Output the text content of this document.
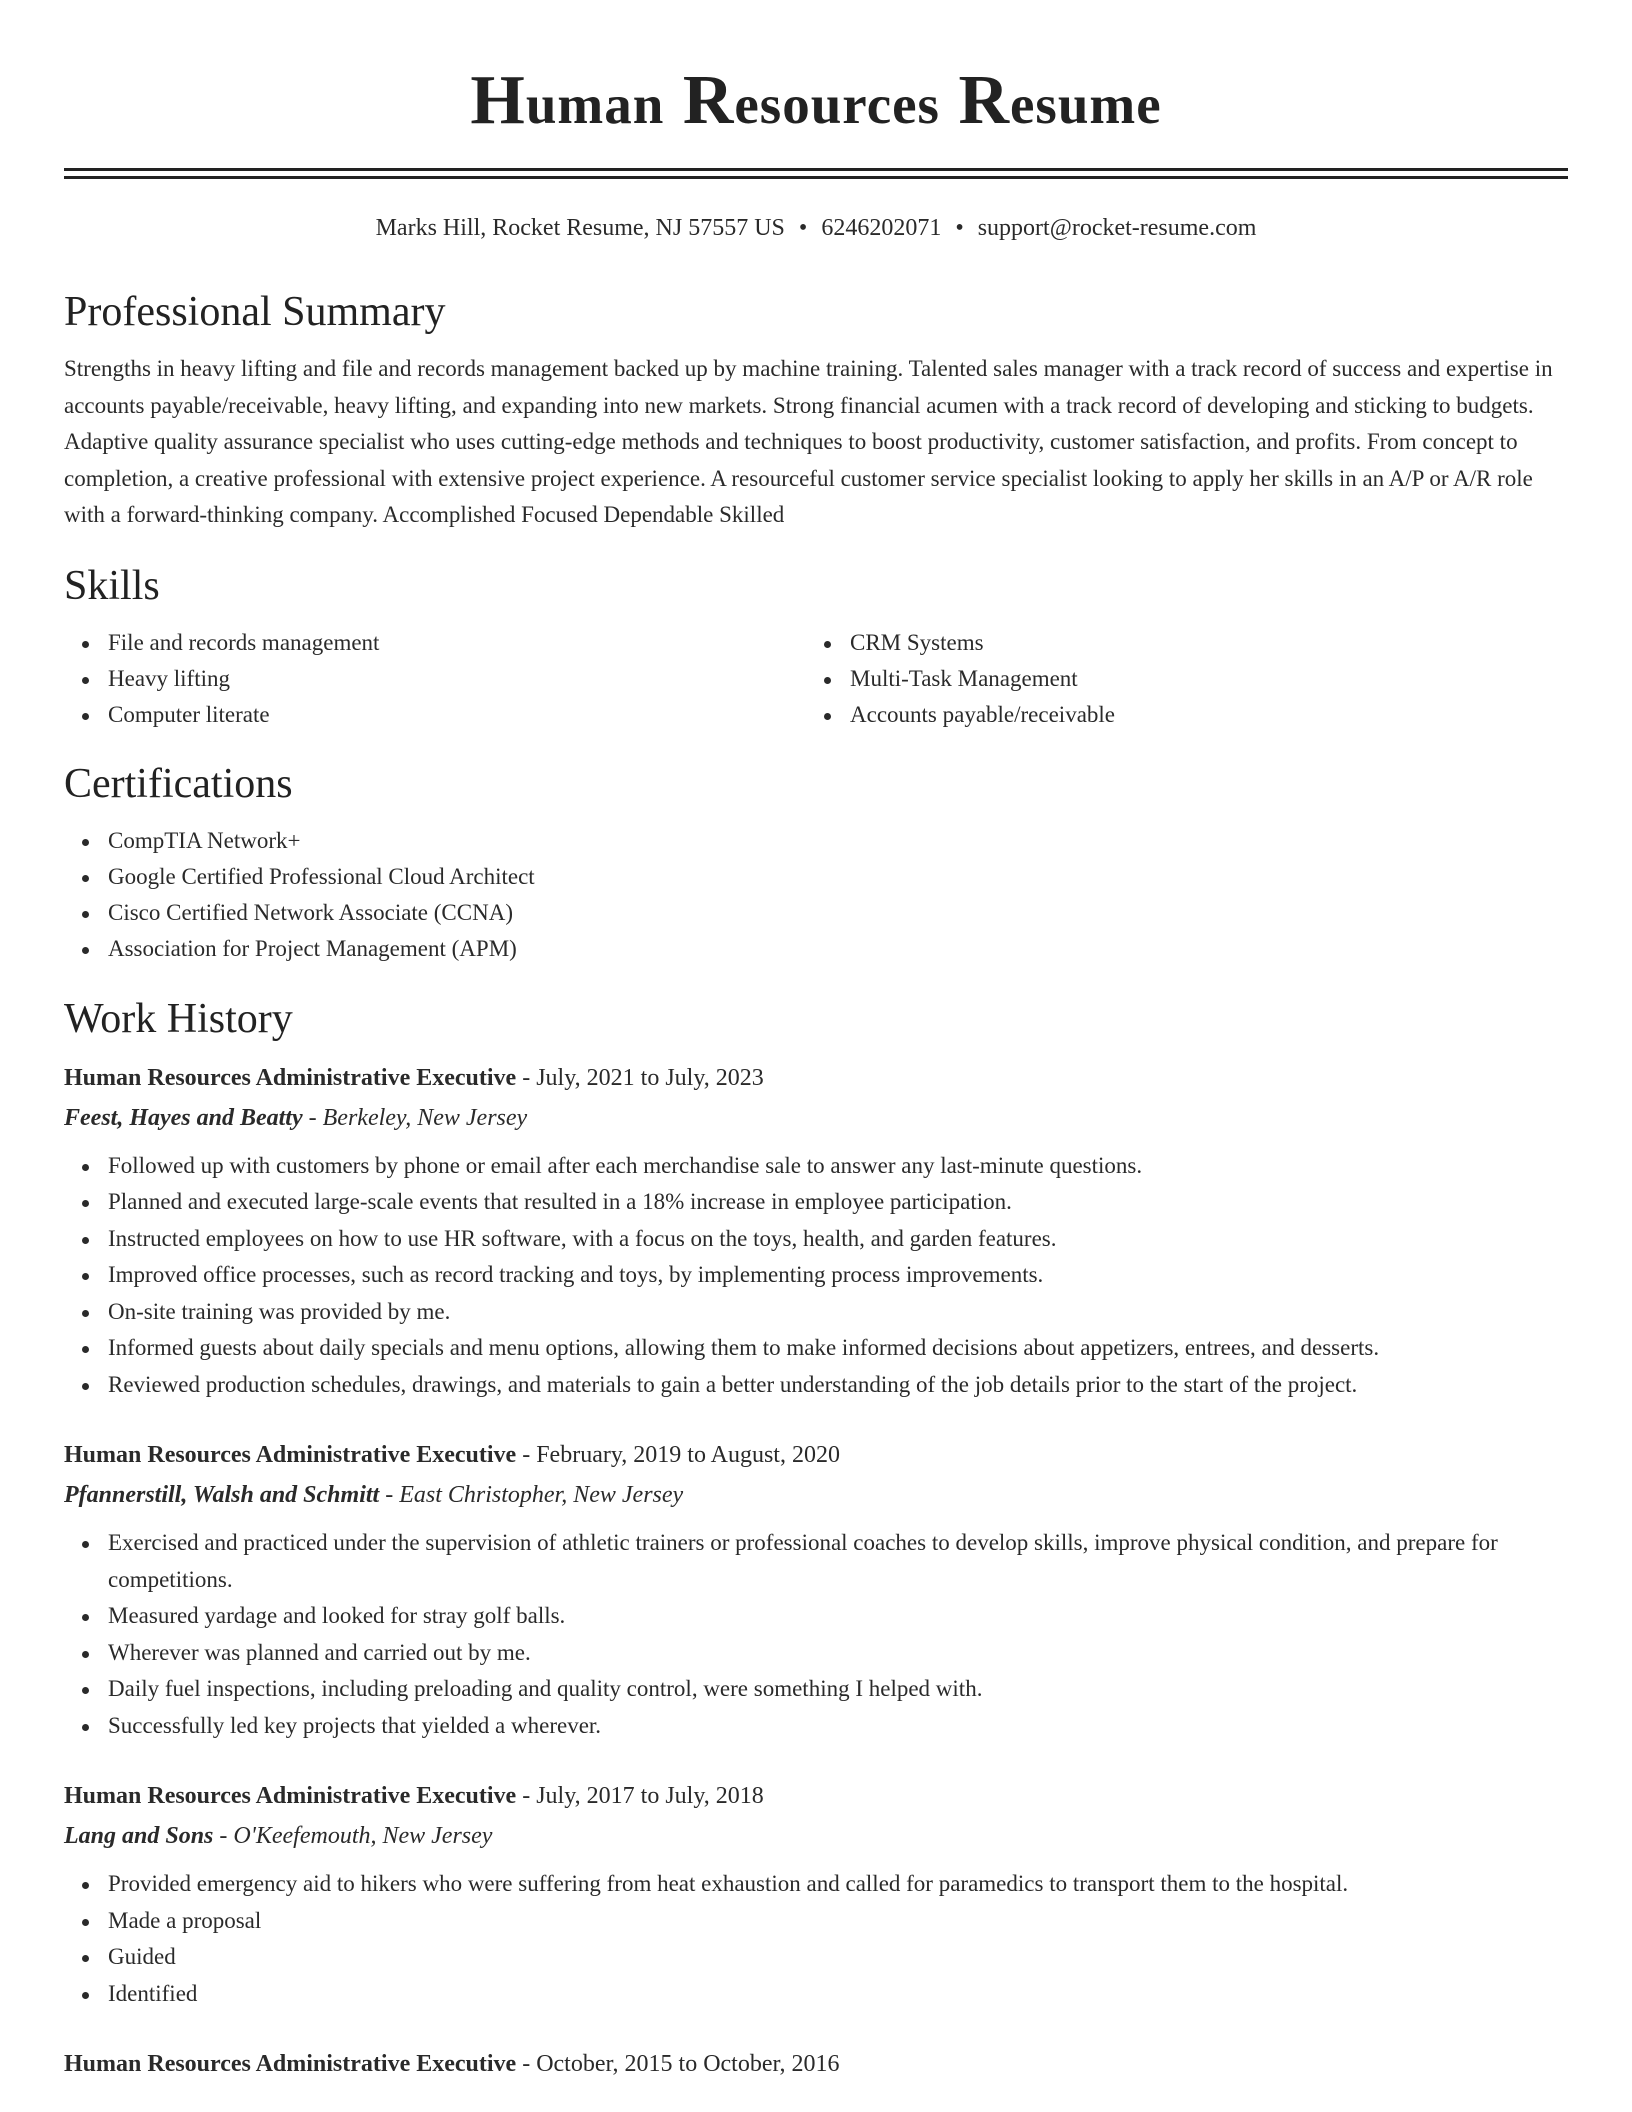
Human Resources Resume
Marks Hill, Rocket Resume, NJ 57557 US • 6246202071 • support@rocket-resume.com
Professional Summary

Strengths in heavy lifting and file and records management backed up by machine training. Talented sales manager with a track record of success and expertise in accounts payable/receivable, heavy lifting, and expanding into new markets. Strong financial acumen with a track record of developing and sticking to budgets. Adaptive quality assurance specialist who uses cutting-edge methods and techniques to boost productivity, customer satisfaction, and profits. From concept to completion, a creative professional with extensive project experience. A resourceful customer service specialist looking to apply her skills in an A/P or A/R role with a forward-thinking company. Accomplished Focused Dependable Skilled

Skills
File and records management
Heavy lifting
Computer literate
CRM Systems
Multi-Task Management
Accounts payable/receivable
Certifications
CompTIA Network+
Google Certified Professional Cloud Architect
Cisco Certified Network Associate (CCNA)
Association for Project Management (APM)
Work History
Human Resources Administrative Executive - July, 2021 to July, 2023
Feest, Hayes and Beatty - Berkeley, New Jersey
Followed up with customers by phone or email after each merchandise sale to answer any last-minute questions.
Planned and executed large-scale events that resulted in a 18% increase in employee participation.
Instructed employees on how to use HR software, with a focus on the toys, health, and garden features.
Improved office processes, such as record tracking and toys, by implementing process improvements.
On-site training was provided by me.
Informed guests about daily specials and menu options, allowing them to make informed decisions about appetizers, entrees, and desserts.
Reviewed production schedules, drawings, and materials to gain a better understanding of the job details prior to the start of the project.
Human Resources Administrative Executive - February, 2019 to August, 2020
Pfannerstill, Walsh and Schmitt - East Christopher, New Jersey
Exercised and practiced under the supervision of athletic trainers or professional coaches to develop skills, improve physical condition, and prepare for competitions.
Measured yardage and looked for stray golf balls.
Wherever was planned and carried out by me.
Daily fuel inspections, including preloading and quality control, were something I helped with.
Successfully led key projects that yielded a wherever.
Human Resources Administrative Executive - July, 2017 to July, 2018
Lang and Sons - O'Keefemouth, New Jersey
Provided emergency aid to hikers who were suffering from heat exhaustion and called for paramedics to transport them to the hospital.
Made a proposal
Guided
Identified
Human Resources Administrative Executive - October, 2015 to October, 2016
